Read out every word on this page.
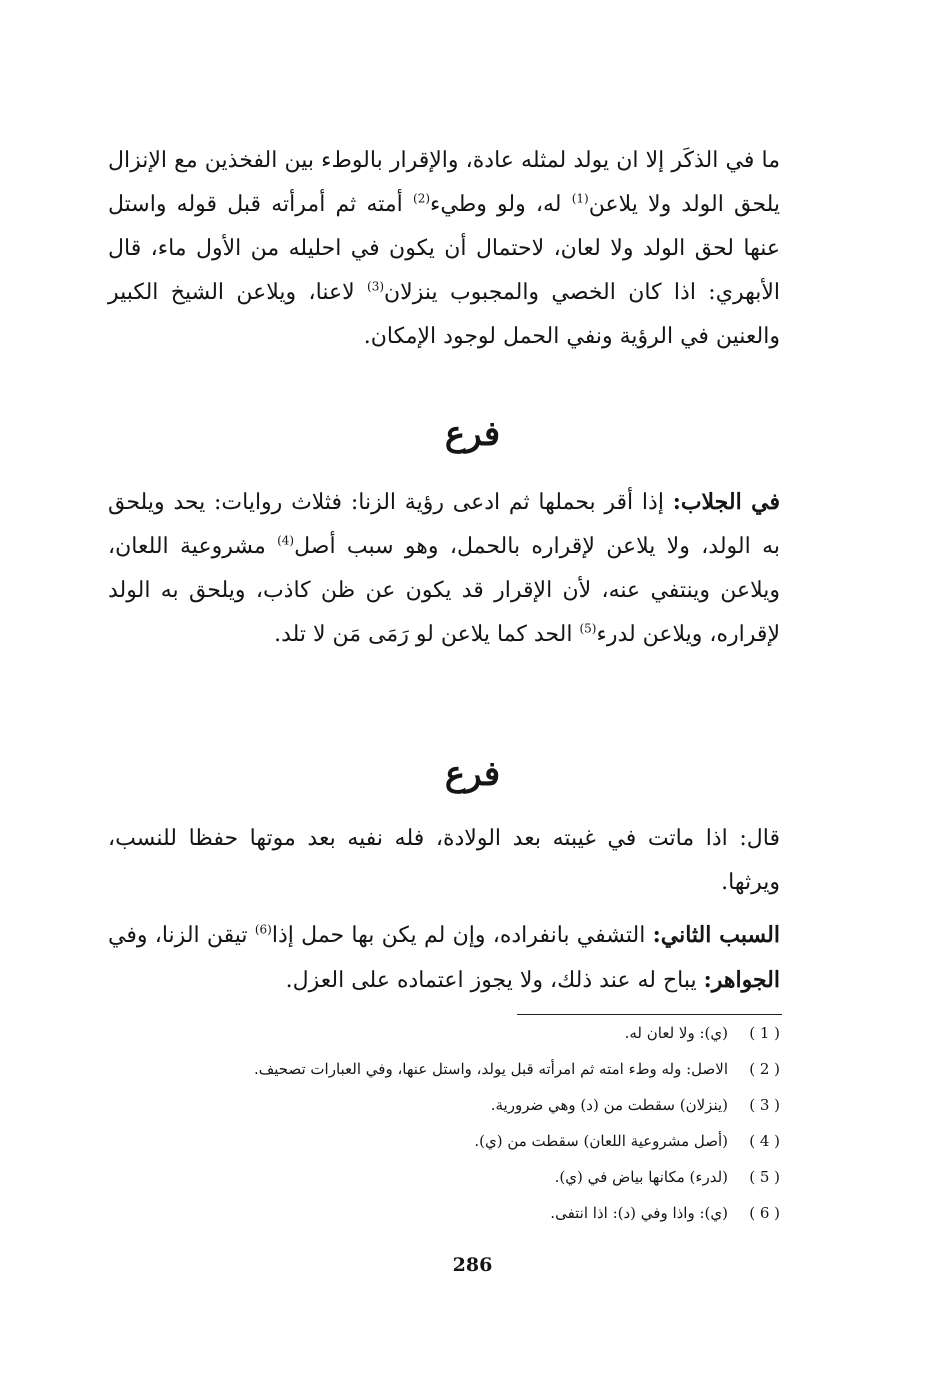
ما في الذكَر إلا ان يولد لمثله عادة، والإقرار بالوطء بين الفخذين مع الإنزال يلحق الولد ولا يلاعن$^{(1)}$ له، ولو وطيء$^{(2)}$ أمته ثم أمرأته قبل قوله واستل عنها لحق الولد ولا لعان، لاحتمال أن يكون في احليله من الأول ماء، قال الأبهري: اذا كان الخصي والمجبوب ينزلان$^{(3)}$ لاعنا، ويلاعن الشيخ الكبير والعنين في الرؤية ونفي الحمل لوجود الإمكان.

فرع

في الجلاب: إذا أقر بحملها ثم ادعى رؤية الزنا: فثلاث روايات: يحد ويلحق به الولد، ولا يلاعن لإقراره بالحمل، وهو سبب أصل$^{(4)}$ مشروعية اللعان، ويلاعن وينتفي عنه، لأن الإقرار قد يكون عن ظن كاذب، ويلحق به الولد لإقراره، ويلاعن لدرء$^{(5)}$ الحد كما يلاعن لو رَمَى مَن لا تلد.

فرع

قال: اذا ماتت في غيبته بعد الولادة، فله نفيه بعد موتها حفظا للنسب، ويرثها.

السبب الثاني: التشفي بانفراده، وإن لم يكن بها حمل إذا$^{(6)}$ تيقن الزنا، وفي الجواهر: يباح له عند ذلك، ولا يجوز اعتماده على العزل.

( 1 )
(ي): ولا لعان له.
( 2 )
الاصل: وله وطء امته ثم امرأته قبل يولد، واستل عنها، وفي العبارات تصحيف.
( 3 )
(ينزلان) سقطت من (د) وهي ضرورية.
( 4 )
(أصل مشروعية اللعان) سقطت من (ي).
( 5 )
(لدرء) مكانها بياض في (ي).
( 6 )
(ي): واذا وفي (د): اذا انتفى.
286
